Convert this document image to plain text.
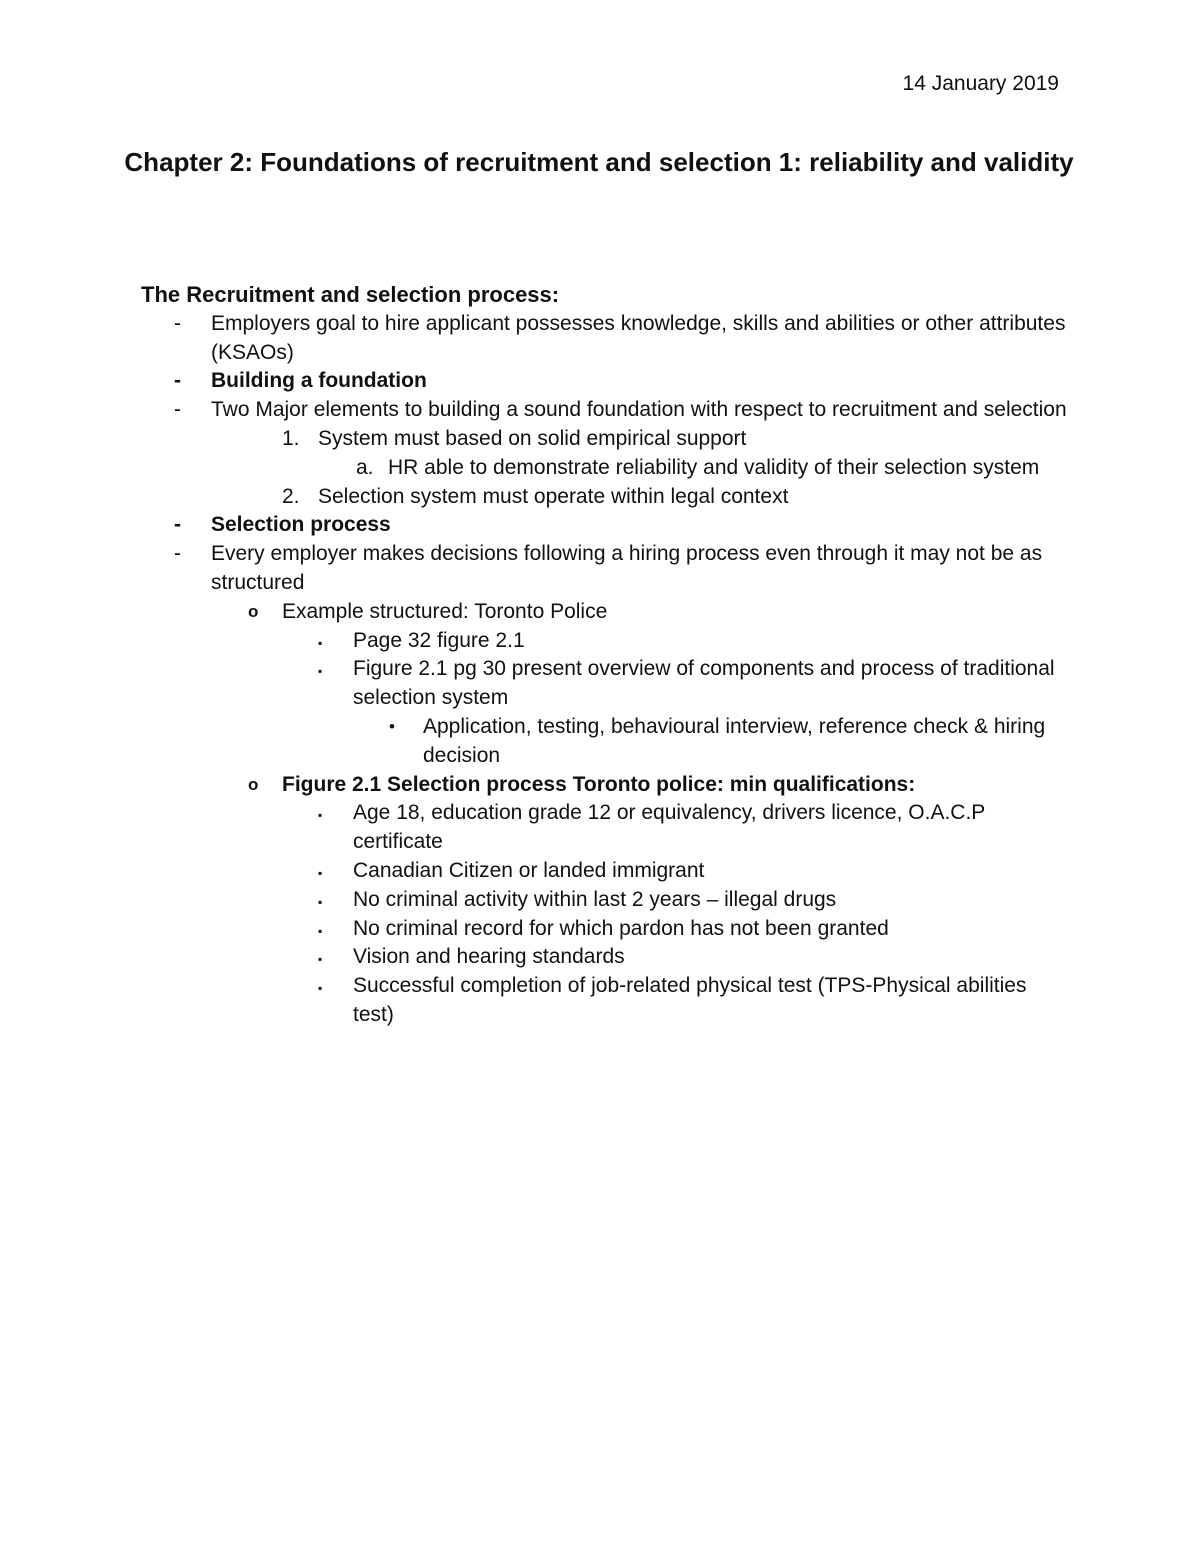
14 January 2019
Chapter 2: Foundations of recruitment and selection 1: reliability and validity
The Recruitment and selection process:
- Employers goal to hire applicant possesses knowledge, skills and abilities or other attributes (KSAOs)
- Building a foundation
- Two Major elements to building a sound foundation with respect to recruitment and selection
1. System must based on solid empirical support
a. HR able to demonstrate reliability and validity of their selection system
2. Selection system must operate within legal context
- Selection process
- Every employer makes decisions following a hiring process even through it may not be as structured
o Example structured: Toronto Police
▪ Page 32 figure 2.1
▪ Figure 2.1 pg 30 present overview of components and process of traditional selection system
• Application, testing, behavioural interview, reference check & hiring decision
o Figure 2.1 Selection process Toronto police: min qualifications:
▪ Age 18, education grade 12 or equivalency, drivers licence, O.A.C.P certificate
▪ Canadian Citizen or landed immigrant
▪ No criminal activity within last 2 years – illegal drugs
▪ No criminal record for which pardon has not been granted
▪ Vision and hearing standards
▪ Successful completion of job-related physical test (TPS-Physical abilities test)
